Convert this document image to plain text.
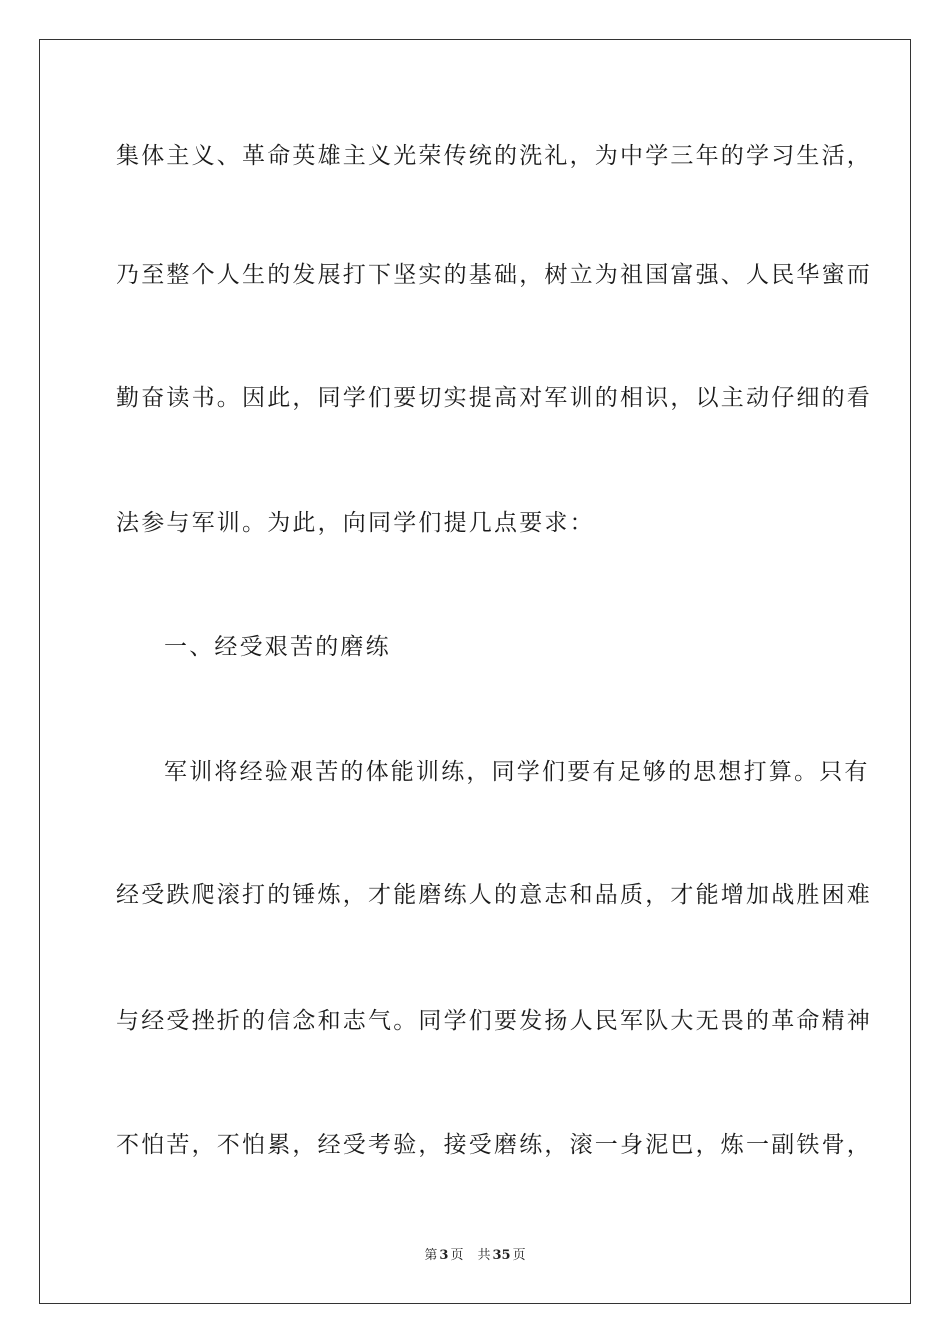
集体主义、革命英雄主义光荣传统的洗礼，为中学三年的学习生活，
乃至整个人生的发展打下坚实的基础，树立为祖国富强、人民华蜜而
勤奋读书。因此，同学们要切实提高对军训的相识，以主动仔细的看
法参与军训。为此，向同学们提几点要求：
一、经受艰苦的磨练
军训将经验艰苦的体能训练，同学们要有足够的思想打算。只有
经受跌爬滚打的锤炼，才能磨练人的意志和品质，才能增加战胜困难
与经受挫折的信念和志气。同学们要发扬人民军队大无畏的革命精神
不怕苦，不怕累，经受考验，接受磨练，滚一身泥巴，炼一副铁骨，
第 3 页 共 35 页
